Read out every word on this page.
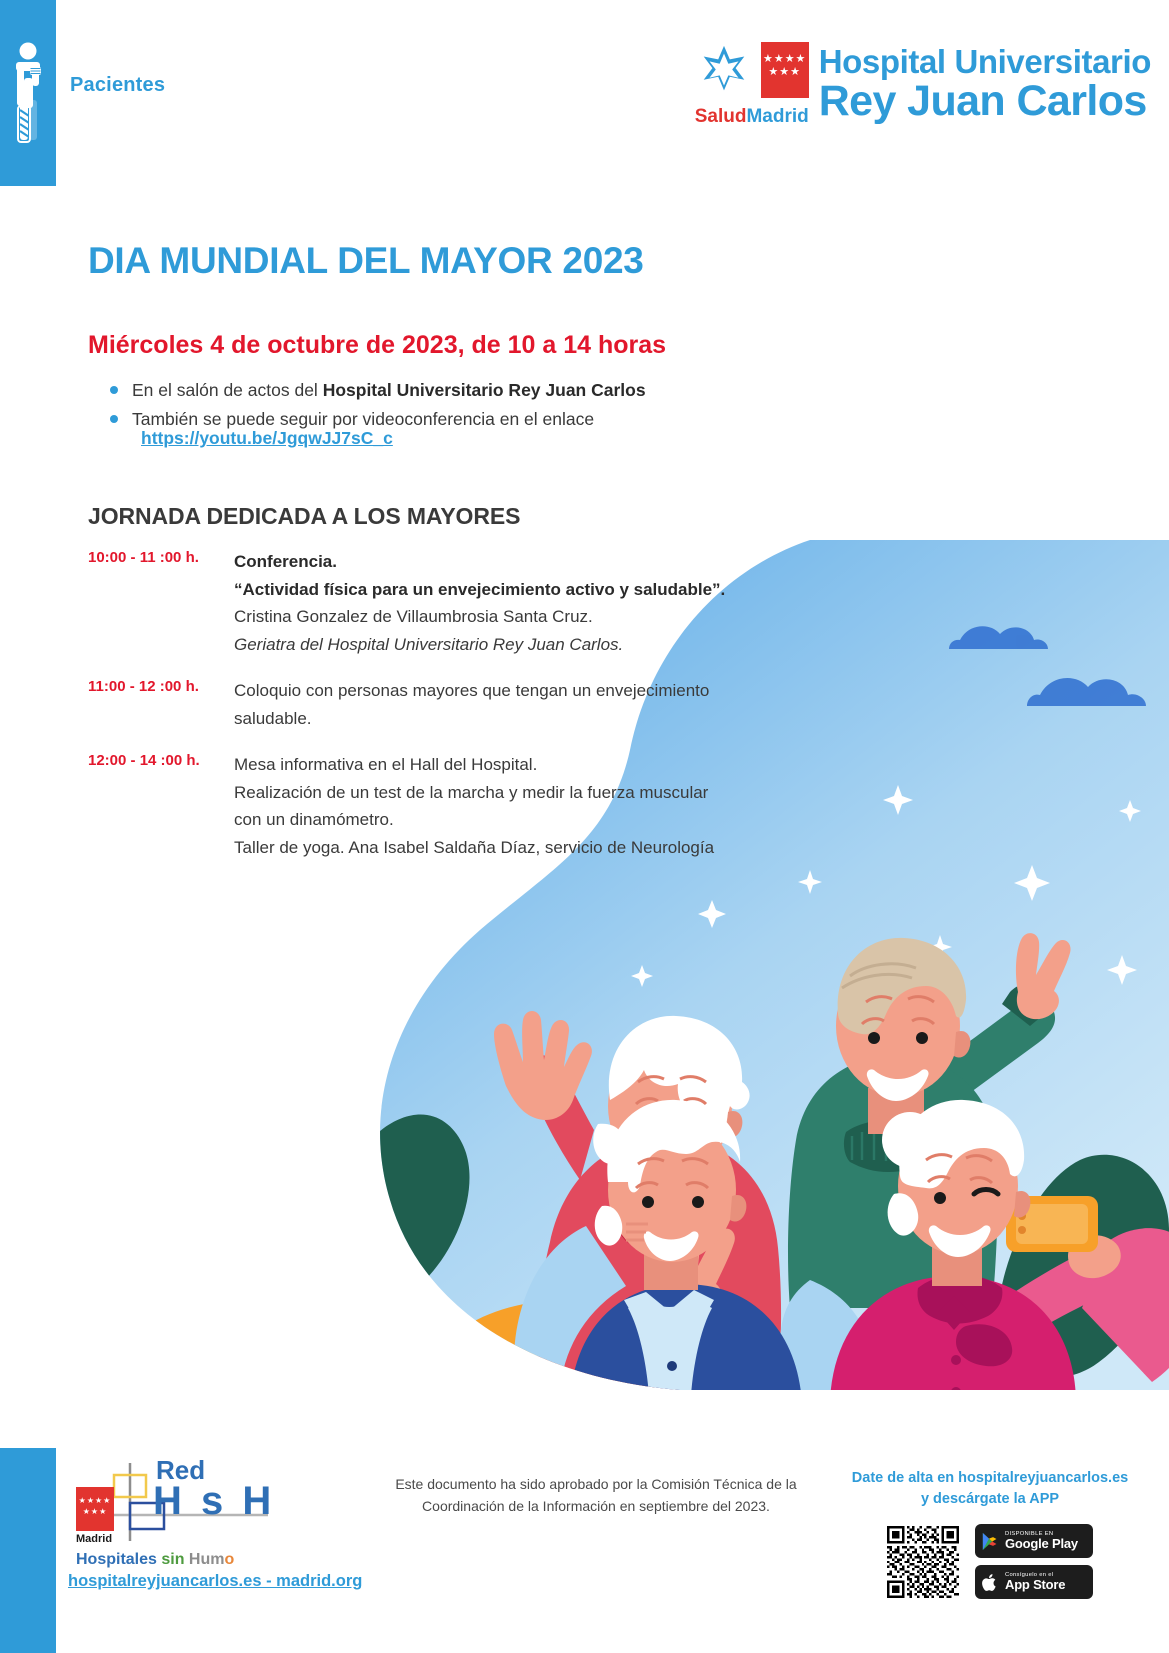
Pacientes
★★★★
★★★
SaludMadrid
Hospital Universitario
Rey Juan Carlos
DIA MUNDIAL DEL MAYOR 2023
Miércoles 4 de octubre de 2023, de 10 a 14 horas
En el salón de actos del Hospital Universitario Rey Juan Carlos
También se puede seguir por videoconferencia en el enlace
https://youtu.be/JgqwJJ7sC_c
JORNADA DEDICADA A LOS MAYORES
10:00 - 11 :00 h.	Conferencia.
“Actividad física para un envejecimiento activo y saludable”.
Cristina Gonzalez de Villaumbrosia Santa Cruz.
Geriatra del Hospital Universitario Rey Juan Carlos.
11:00 - 12 :00 h.	Coloquio con personas mayores que tengan un envejecimiento
saludable.
12:00 - 14 :00 h.	Mesa informativa en el Hall del Hospital.
Realización de un test de la marcha y medir la fuerza muscular
con un dinamómetro.
Taller de yoga. Ana Isabel Saldaña Díaz, servicio de Neurología
★★★★
★★★
Madrid
Red
H s H
Hospitales sin Humo
hospitalreyjuancarlos.es - madrid.org
Este documento ha sido aprobado por la Comisión Técnica de la
Coordinación de la Información en septiembre del 2023.
Date de alta en hospitalreyjuancarlos.es
y descárgate la APP
DISPONIBLE EN
Google Play
Consíguelo en el
App Store
